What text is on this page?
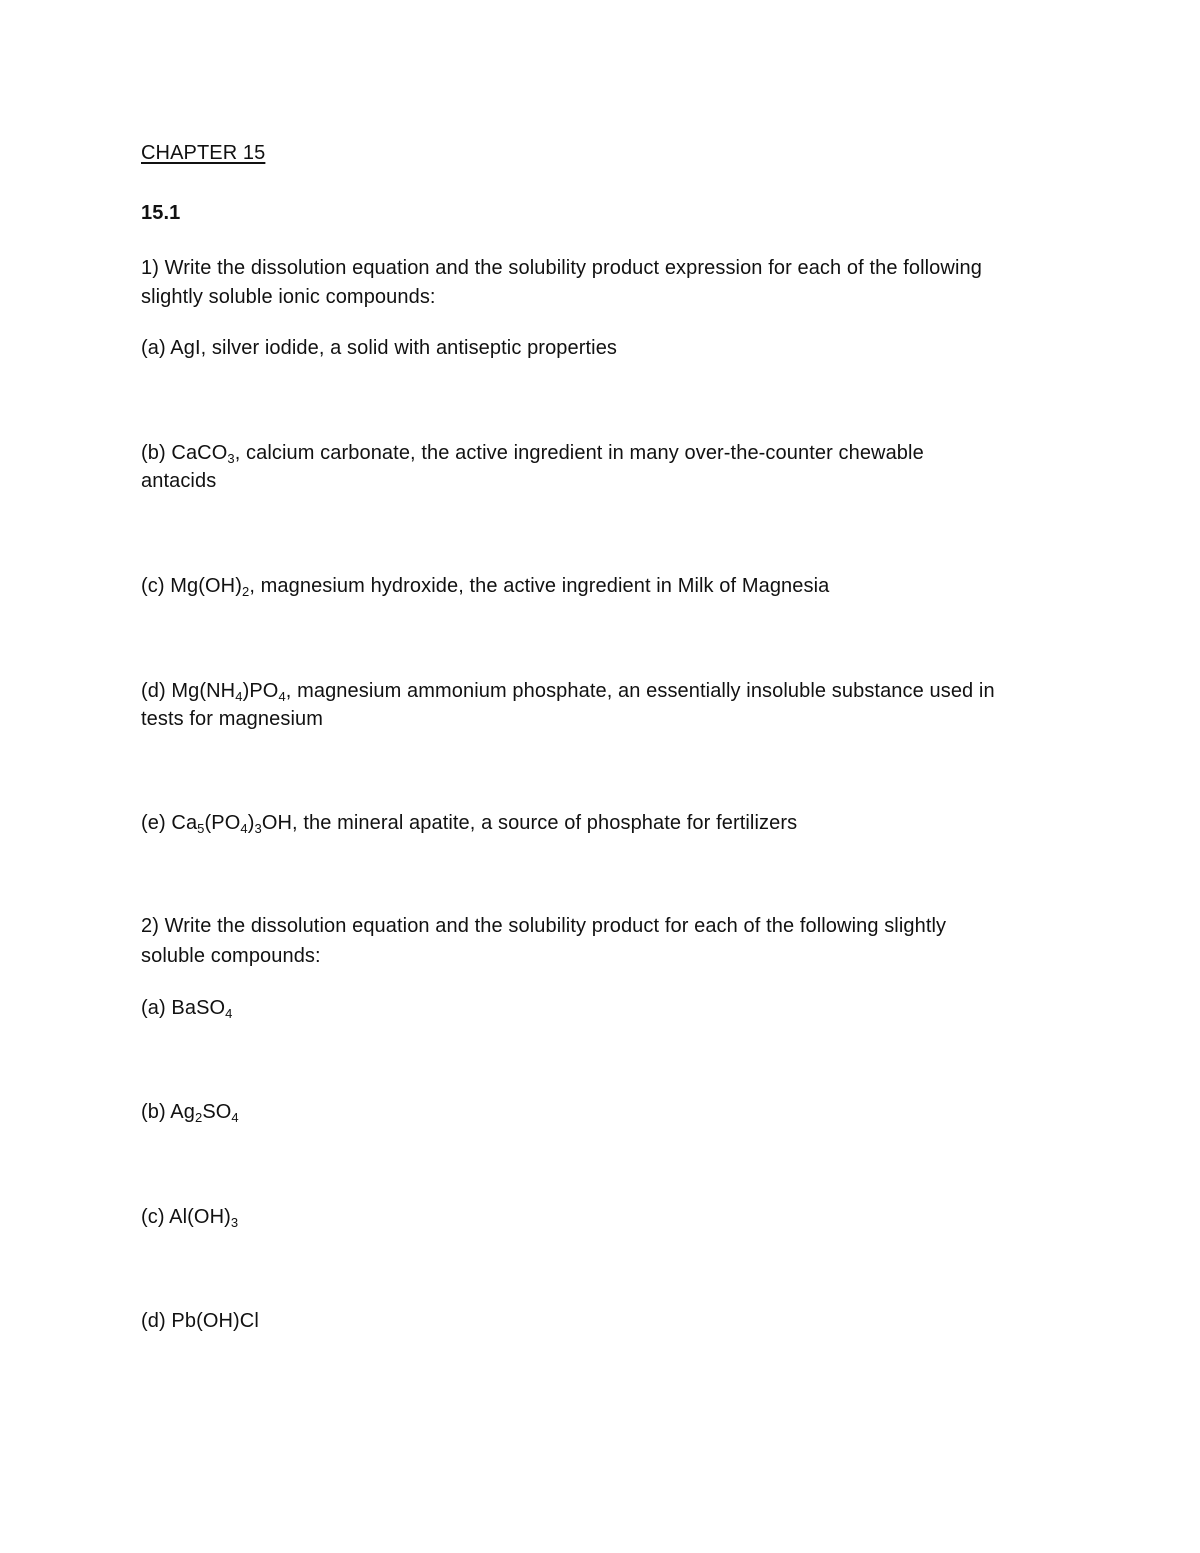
CHAPTER 15
15.1
1) Write the dissolution equation and the solubility product expression for each of the following
slightly soluble ionic compounds:
(a) AgI, silver iodide, a solid with antiseptic properties
(b) CaCO$_3$, calcium carbonate, the active ingredient in many over-the-counter chewable
antacids
(c) $Mg(OH)_2$, magnesium hydroxide, the active ingredient in Milk of Magnesia
(d) $Mg(NH_4)PO_4$, magnesium ammonium phosphate, an essentially insoluble substance used in
tests for magnesium
(e) $Ca_5(PO_4)_3OH$, the mineral apatite, a source of phosphate for fertilizers
2) Write the dissolution equation and the solubility product for each of the following slightly
soluble compounds:
(a) BaSO$_4$
(b) $Ag_2SO_4$
(c) $Al(OH)_3$
(d) Pb(OH)Cl
